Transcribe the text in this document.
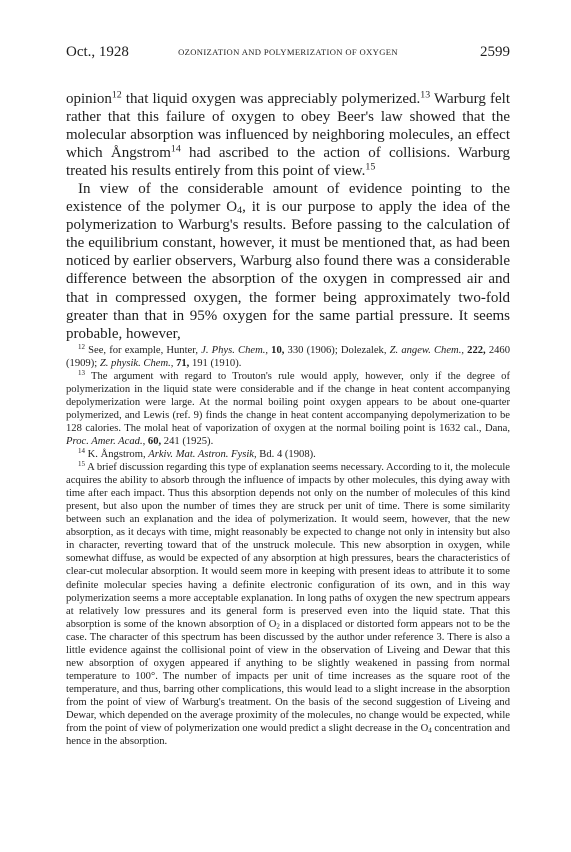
Oct., 1928	OZONIZATION AND POLYMERIZATION OF OXYGEN	2599

opinion$^{12}$ that liquid oxygen was appreciably polymerized.$^{13}$ Warburg felt rather that this failure of oxygen to obey Beer's law showed that the molecular absorption was influenced by neighboring molecules, an effect which Ångstrom$^{14}$ had ascribed to the action of collisions. Warburg treated his results entirely from this point of view.$^{15}$

In view of the considerable amount of evidence pointing to the existence of the polymer $O_4$, it is our purpose to apply the idea of the polymerization to Warburg's results. Before passing to the calculation of the equilibrium constant, however, it must be mentioned that, as had been noticed by earlier observers, Warburg also found there was a considerable difference between the absorption of the oxygen in compressed air and that in compressed oxygen, the former being approximately two-fold greater than that in 95% oxygen for the same partial pressure. It seems probable, however,

$^{12}$ See, for example, Hunter, J. Phys. Chem., 10, 330 (1906); Dolezalek, Z. angew. Chem., 222, 2460 (1909); Z. physik. Chem., 71, 191 (1910).

$^{13}$ The argument with regard to Trouton's rule would apply, however, only if the degree of polymerization in the liquid state were considerable and if the change in heat content accompanying depolymerization were large. At the normal boiling point oxygen appears to be about one-quarter polymerized, and Lewis (ref. 9) finds the change in heat content accompanying depolymerization to be 128 calories. The molal heat of vaporization of oxygen at the normal boiling point is 1632 cal., Dana, Proc. Amer. Acad., 60, 241 (1925).

$^{14}$ K. Ångstrom, Arkiv. Mat. Astron. Fysik, Bd. 4 (1908).

$^{15}$ A brief discussion regarding this type of explanation seems necessary. According to it, the molecule acquires the ability to absorb through the influence of impacts by other molecules, this dying away with time after each impact. Thus this absorption depends not only on the number of molecules of this kind present, but also upon the number of times they are struck per unit of time. There is some similarity between such an explanation and the idea of polymerization. It would seem, however, that the new absorption, as it decays with time, might reasonably be expected to change not only in intensity but also in character, reverting toward that of the unstruck molecule. This new absorption in oxygen, while somewhat diffuse, as would be expected of any absorption at high pressures, bears the characteristics of clear-cut molecular absorption. It would seem more in keeping with present ideas to attribute it to some definite molecular species having a definite electronic configuration of its own, and in this way polymerization seems a more acceptable explanation. In long paths of oxygen the new spectrum appears at relatively low pressures and its general form is preserved even into the liquid state. That this absorption is some of the known absorption of $O_2$ in a displaced or distorted form appears not to be the case. The character of this spectrum has been discussed by the author under reference 3. There is also a little evidence against the collisional point of view in the observation of Liveing and Dewar that this new absorption of oxygen appeared if anything to be slightly weakened in passing from normal temperature to 100°. The number of impacts per unit of time increases as the square root of the temperature, and thus, barring other complications, this would lead to a slight increase in the absorption from the point of view of Warburg's treatment. On the basis of the second suggestion of Liveing and Dewar, which depended on the average proximity of the molecules, no change would be expected, while from the point of view of polymerization one would predict a slight decrease in the $O_4$ concentration and hence in the absorption.
